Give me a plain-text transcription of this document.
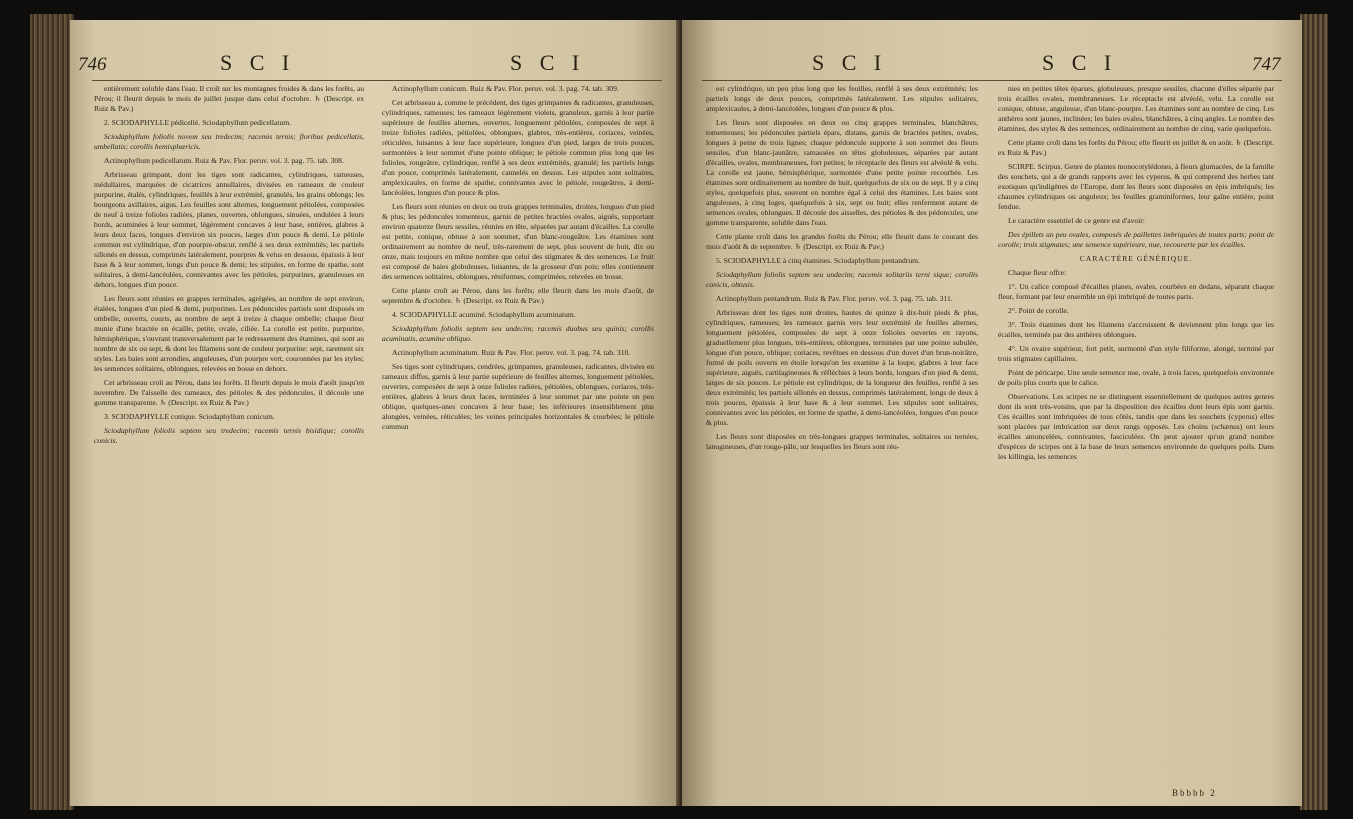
746	S C I	S C I

entièrement soluble dans l'eau. Il croît sur les montagnes froides & dans les forêts, au Pérou; il fleurit depuis le mois de juillet jusque dans celui d'octobre. ♄ (Descript. ex Ruiz & Pav.)

2. SCIODAPHYLLE pédicellé. Sciodaphyllum pedicellatum.

Sciodaphyllum foliolis novem seu tredecim; racemis ternis; floribus pedicellatis, umbellatis; corollis hemisphæricis.

Actinophyllum pedicellatum. Ruiz & Pav. Flor. peruv. vol. 3. pag. 75. tab. 308.

Arbrisseau grimpant, dont les tiges sont radicantes, cylindriques, rameuses, médullaires, marquées de cicatrices annullaires, divisées en rameaux de couleur purpurine, étalés, cylindriques, feuillés à leur extrémité, granulés, les grains oblongs; les bourgeons axillaires, aigus. Les feuilles sont alternes, longuement pétiolées, composées de neuf à treize folioles radiées, planes, ouvertes, oblongues, sinuées, ondulées à leurs bords, acuminées à leur sommet, légèrement concaves à leur base, entières, glabres à leurs deux faces, longues d'environ six pouces, larges d'un pouce & demi. Le pétiole commun est cylindrique, d'un pourpre-obscur, renflé à ses deux extrémités; les partiels sillonés en dessus, comprimés latéralement, pourpres & velus en dessous, épaissis à leur base & à leur sommet, longs d'un pouce & demi; les stipules, en forme de spathe, sont solitaires, à demi-lancéolées, connivantes avec les pétioles, purpurines, granuleuses en dehors, longues d'un pouce.

Les fleurs sont réunies en grappes terminales, agrégées, au nombre de sept environ, étalées, longues d'un pied & demi, purpurines. Les pédoncules partiels sont disposés en ombelle, ouverts, courts, au nombre de sept à treize à chaque ombelle; chaque fleur munie d'une bractée en écaille, petite, ovale, ciliée. La corolle est petite, purpurine, hémisphérique, s'ouvrant transversalement par le redressement des étamines, qui sont au nombre de six ou sept, & dont les filamens sont de couleur purpurine: sept, rarement six styles. Les baies sont arrondies, anguleuses, d'un pourpre vert, couronnées par les styles; les semences solitaires, oblongues, relevées en bosse en dehors.

Cet arbrisseau croît au Pérou, dans les forêts. Il fleurit depuis le mois d'août jusqu'en novembre. De l'aisselle des rameaux, des pétioles & des pédoncules, il découle une gomme transparente. ♄ (Descript. ex Ruiz & Pav.)

3. SCIODAPHYLLE conique. Sciodaphyllum conicum.

Sciodaphyllum foliolis septem seu tredecim; racemis ternis bisidique; corollis conicis.

Actinophyllum conicum. Ruiz & Pav. Flor. peruv. vol. 3. pag. 74. tab. 309.

Cet arbrisseau a, comme le précédent, des tiges grimpantes & radicantes, granuleuses, cylindriques, rameuses; les rameaux légèrement violets, granuleux, garnis à leur partie supérieure de feuilles alternes, ouvertes, longuement pétiolées, composées de sept à treize folioles radiées, pétiolées, oblongues, glabres, très-entières, coriaces, veinées, réticulées, luisantes à leur face supérieure, longues d'un pied, larges de trois pouces, surmontées à leur sommet d'une pointe oblique; le pétiole commun plus long que les folioles, rougeâtre, cylindrique, renflé à ses deux extrémités, granulé; les partiels longs d'un pouce, comprimés latéralement, cannelés en dessus. Les stipules sont solitaires, amplexicaules, en forme de spathe, connivantes avec le pétiole, rougeâtres, à demi-lancéolées, longues d'un pouce & plus.

Les fleurs sont réunies en deux ou trois grappes terminales, droites, longues d'un pied & plus; les pédoncules tomenteux, garnis de petites bractées ovales, aiguës, supportant environ quatorze fleurs sessiles, réunies en tête, séparées par autant d'écailles. La corolle est petite, conique, obtuse à son sommet, d'un blanc-rougeâtre. Les étamines sont ordinairement au nombre de neuf, très-rarement de sept, plus souvent de huit, dix ou onze, mais toujours en même nombre que celui des stigmates & des semences. Le fruit est composé de baies globuleuses, luisantes, de la grosseur d'un pois; elles contiennent des semences solitaires, oblongues, réniformes, comprimées, relevées en bosse.

Cette plante croît au Pérou, dans les forêts; elle fleurit dans les mois d'août, de septembre & d'octobre. ♄ (Descript. ex Ruiz & Pav.)

4. SCIODAPHYLLE acuminé. Sciodaphyllum acuminatum.

Sciodaphyllum foliolis septem seu undecim; racemis duobus seu quinis; corollis acuminatis, acumine obliquo.

Actinophyllum acuminatum. Ruiz & Pav. Flor. peruv. vol. 3. pag. 74. tab. 310.

Ses tiges sont cylindriques, cendrées, grimpantes, granuleuses, radicantes, divisées en rameaux diffus, garnis à leur partie supérieure de feuilles alternes, longuement pétiolées, ouvertes, composées de sept à onze folioles radiées, pétiolées, oblongues, coriaces, très-entières, glabres à leurs deux faces, terminées à leur sommet par une pointe un peu oblique, quelques-unes concaves à leur base; les inférieures insensiblement plus alongées, veinées, réticulées; les veines principales horizontales & courbées; le pétiole commun

S C I	S C I	747

est cylindrique, un peu plus long que les feuilles, renflé à ses deux extrémités; les partiels longs de deux pouces, comprimés latéralement. Les stipules solitaires, amplexicaules, à demi-lancéolées, longues d'un pouce & plus.

Les fleurs sont disposées en deux ou cinq grappes terminales, blanchâtres, tomenteuses; les pédoncules partiels épars, distans, garnis de bractées petites, ovales, longues à peine de trois lignes; chaque pédoncule supporte à son sommet des fleurs sessiles, d'un blanc-jaunâtre, ramassées en têtes globuleuses, séparées par autant d'écailles, ovales, membraneuses, fort petites; le réceptacle des fleurs est alvéolé & velu. La corolle est jaune, hémisphérique, surmontée d'une petite pointe recourbée. Les étamines sont ordinairement au nombre de huit, quelquefois de six ou de sept. Il y a cinq styles, quelquefois plus, souvent en nombre égal à celui des étamines. Les baies sont anguleuses, à cinq loges, quelquefois à six, sept ou huit; elles renferment autant de semences ovales, oblongues. Il découle des aisselles, des pétioles & des pédoncules, une gomme transparente, soluble dans l'eau.

Cette plante croît dans les grandes forêts du Pérou; elle fleurit dans le courant des mois d'août & de septembre. ♄ (Descript. ex Ruiz & Pav.)

5. SCIODAPHYLLE à cinq étamines. Sciodaphyllum pentandrum.

Sciodaphyllum foliolis septem seu undecim; racemis solitariis terni sique; corollis conicis, obtusis.

Actinophyllum pentandrum. Ruiz & Pav. Flor. peruv. vol. 3. pag. 75. tab. 311.

Arbrisseau dont les tiges sont droites, hautes de quinze à dix-huit pieds & plus, cylindriques, rameuses; les rameaux garnis vers leur extrémité de feuilles alternes, longuement pétiolées, composées de sept à onze folioles ouvertes en rayons, graduellement plus longues, très-entières, oblongues, terminées par une pointe subulée, longue d'un pouce, oblique; coriaces, revêtues en dessous d'un duvet d'un brun-noirâtre, formé de poils ouverts en étoile lorsqu'on les examine à la loupe, glabres à leur face supérieure, aiguës, cartilagineuses & réfléchies à leurs bords, longues d'un pied & demi, larges de six pouces. Le pétiole est cylindrique, de la longueur des feuilles, renflé à ses deux extrémités; les partiels sillonés en dessus, comprimés latéralement, longs de deux à trois pouces, épaissis à leur base & à leur sommet. Les stipules sont solitaires, connivantes avec les pétioles, en forme de spathe, à demi-lancéolées, longues d'un pouce & plus.

Les fleurs sont disposées en très-longues grappes terminales, solitaires ou ternées, lanugineuses, d'un rouge-pâle, sur lesquelles les fleurs sont réu-

nies en petites têtes éparses, globuleuses, presque sessiles, chacune d'elles séparée par trois écailles ovales, membraneuses. Le réceptacle est alvéolé, velu. La corolle est conique, obtuse, anguleuse, d'un blanc-pourpre. Les étamines sont au nombre de cinq. Les anthères sont jaunes, inclinées; les baies ovales, blanchâtres, à cinq angles. Le nombre des étamines, des styles & des semences, ordinairement au nombre de cinq, varie quelquefois.

Cette plante croît dans les forêts du Pérou; elle fleurit en juillet & en août. ♄ (Descript. ex Ruiz & Pav.)

SCIRPE. Scirpus. Genre de plantes monocotylédones, à fleurs glumacées, de la famille des souchets, qui a de grands rapports avec les cyperus, & qui comprend des herbes tant exotiques qu'indigènes de l'Europe, dont les fleurs sont disposées en épis imbriqués; les chaumes cylindriques ou anguleux; les feuilles graminiformes, leur gaîne entière, point fendue.

Le caractère essentiel de ce genre est d'avoir:

Des épillets un peu ovales, composés de paillettes imbriquées de toutes parts; point de corolle; trois stigmates; une semence supérieure, nue, recouverte par les écailles.

CARACTÈRE GÉNÉRIQUE.

Chaque fleur offre:

1°. Un calice composé d'écailles planes, ovales, courbées en dedans, séparant chaque fleur, formant par leur ensemble un épi imbriqué de toutes parts.

2°. Point de corolle.

3°. Trois étamines dont les filamens s'accroissent & deviennent plus longs que les écailles, terminés par des anthères oblongues.

4°. Un ovaire supérieur, fort petit, surmonté d'un style filiforme, alongé, terminé par trois stigmates capillaires.

Point de péricarpe. Une seule semence nue, ovale, à trois faces, quelquefois environnée de poils plus courts que le calice.

Observations. Les scirpes ne se distinguent essentiellement de quelques autres genres dont ils sont très-voisins, que par la disposition des écailles dont leurs épis sont garnis. Ces écailles sont imbriquées de tous côtés, tandis que dans les souchets (cyperus) elles sont placées par imbrication sur deux rangs opposés. Les choins (schænus) ont leurs écailles amoncelées, connivantes, fasciculées. On peut ajouter qu'un grand nombre d'espèces de scirpes ont à la base de leurs semences environnée de quelques poils. Dans les killingia, les semences

Bbbbb 2
